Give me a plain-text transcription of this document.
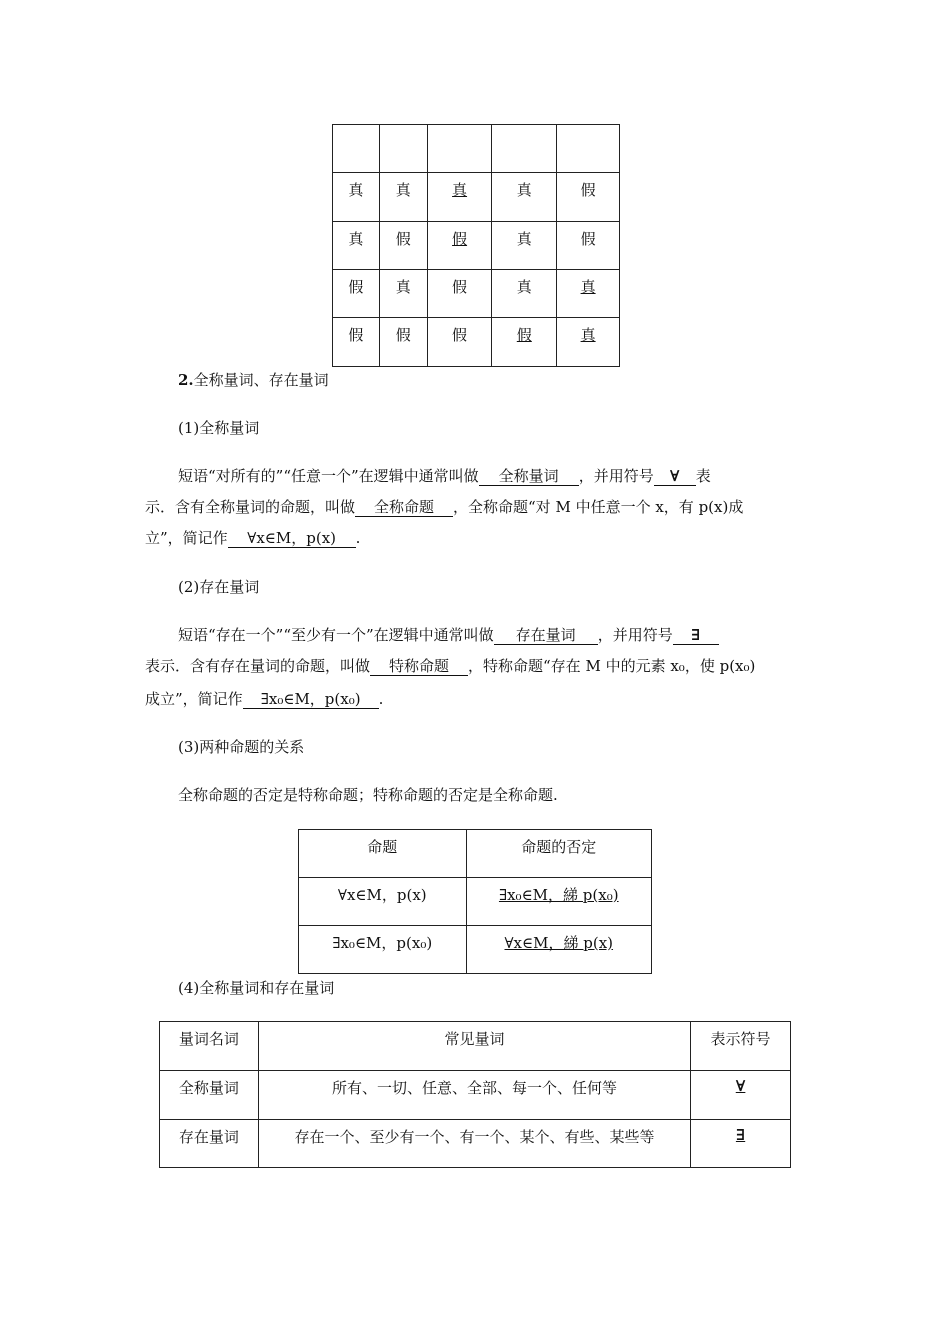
真	真	真	真	假
真	假	假	真	假
假	真	假	真	真
假	假	假	假	真
2.全称量词、存在量词
(1)全称量词
短语“对所有的”“任意一个”在逻辑中通常叫做 全称量词 ，并用符号 ∀ 表
示．含有全称量词的命题，叫做 全称命题 ，全称命题“对 M 中任意一个 x，有 p(x)成
立”，简记作 ∀x∈M，p(x) .
(2)存在量词
短语“存在一个”“至少有一个”在逻辑中通常叫做 存在量词 ，并用符号 ∃
表示．含有存在量词的命题，叫做 特称命题 ，特称命题“存在 M 中的元素 x₀，使 p(x₀)
成立”，简记作 ∃x₀∈M，p(x₀) .
(3)两种命题的关系
全称命题的否定是特称命题；特称命题的否定是全称命题.
命题	命题的否定
∀x∈M，p(x)	∃x₀∈M，綈 p(x₀)
∃x₀∈M，p(x₀)	∀x∈M，綈 p(x)
(4)全称量词和存在量词
量词名词	常见量词	表示符号
全称量词	所有、一切、任意、全部、每一个、任何等	∀
存在量词	存在一个、至少有一个、有一个、某个、有些、某些等	∃
